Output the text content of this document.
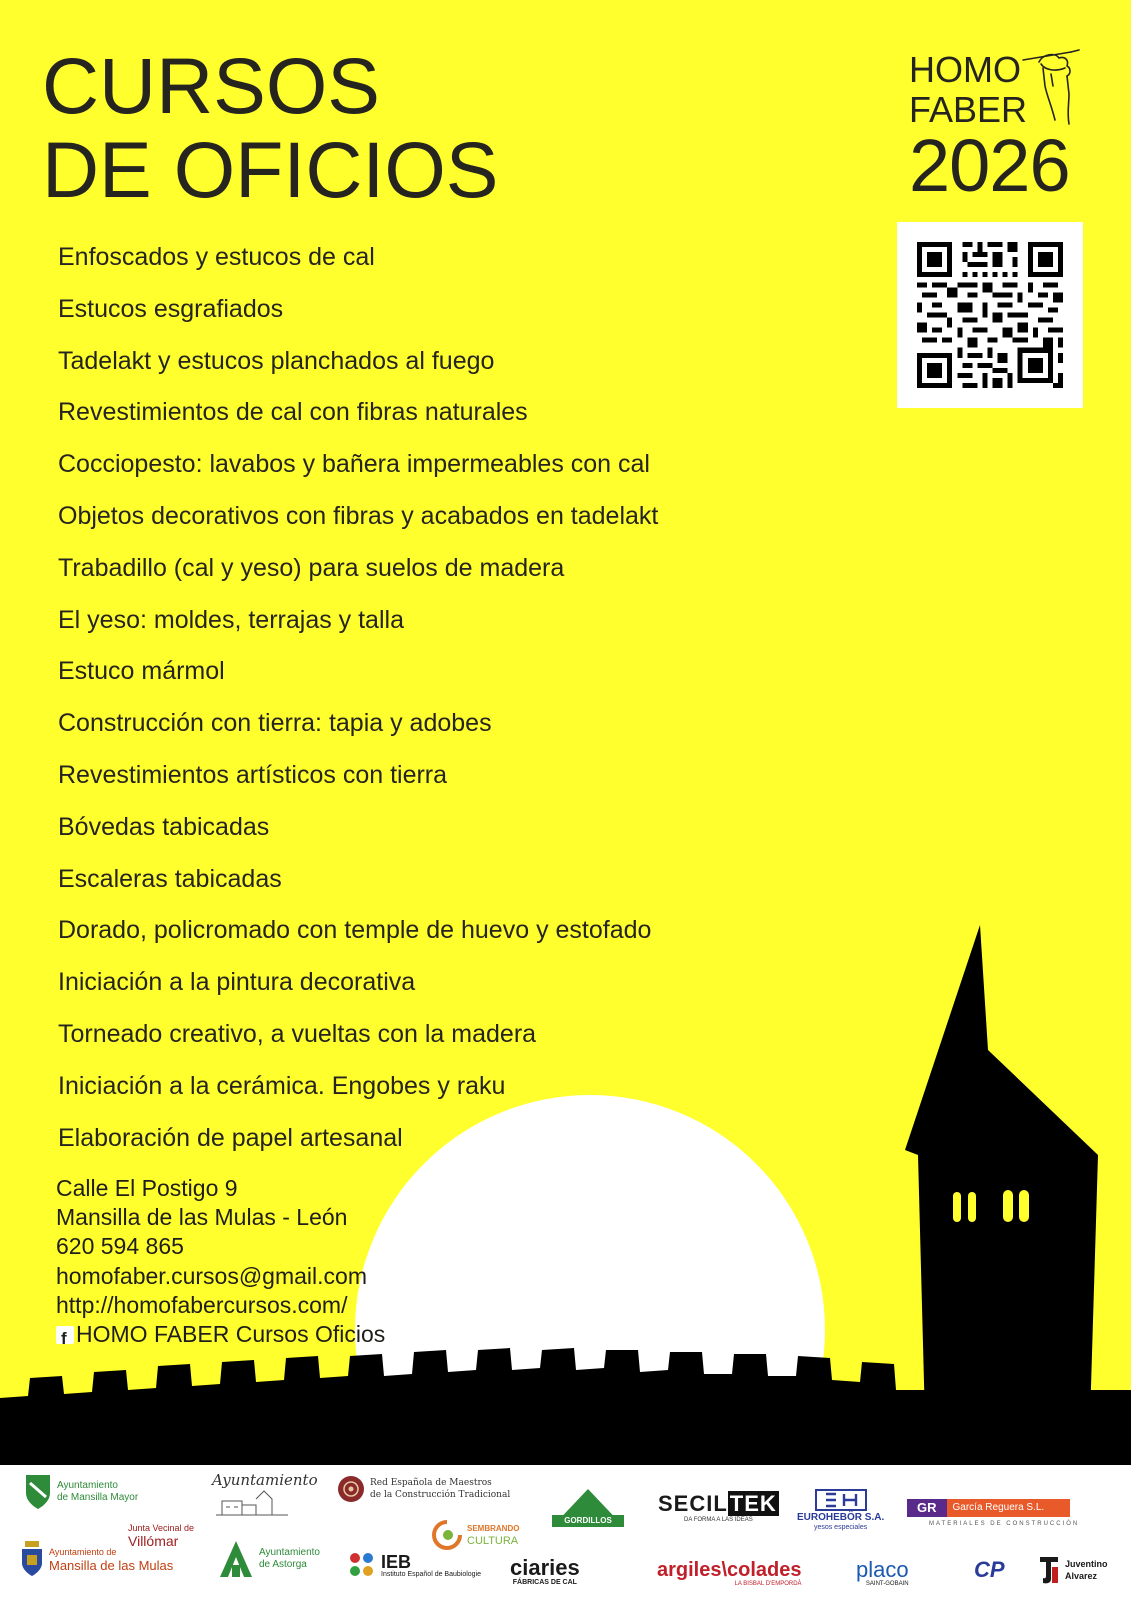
CURSOS
DE OFICIOS
HOMO
FABER
2026
Enfoscados y estucos de cal
Estucos esgrafiados
Tadelakt y estucos planchados al fuego
Revestimientos de cal con fibras naturales
Cocciopesto: lavabos y bañera impermeables con cal
Objetos decorativos con fibras y acabados en tadelakt
Trabadillo (cal y yeso) para suelos de madera
El yeso: moldes, terrajas y talla
Estuco mármol
Construcción con tierra: tapia y adobes
Revestimientos artísticos con tierra
Bóvedas tabicadas
Escaleras tabicadas
Dorado, policromado con temple de huevo y estofado
Iniciación a la pintura decorativa
Torneado creativo, a vueltas con la madera
Iniciación a la cerámica. Engobes y raku
Elaboración de papel artesanal
Calle El Postigo 9
Mansilla de las Mulas - León
620 594 865
homofaber.cursos@gmail.com
http://homofabercursos.com/
fHOMO FABER Cursos Oficios
Ayuntamiento
de Mansilla Mayor
Ayuntamiento	Red Española de Maestros
de la Construcción Tradicional
GORDILLOS
SECILTEK
DA FORMA A LAS IDEAS	EUROHEBÖR S.A.
yesos especiales
GR	García Reguera S.L.
MATERIALES DE CONSTRUCCIÓN
Junta Vecinal de
Villómar
Ayuntamiento de
Mansilla de las Mulas
Ayuntamiento
de Astorga
SEMBRANDO
CULTURA
IEB
Instituto Español de Baubiologie ciaries
FÁBRICAS DE CAL
argiles\colades
LA BISBAL D'EMPORDÀ
placo
SAINT-GOBAIN
CP	Juventino
Alvarez
